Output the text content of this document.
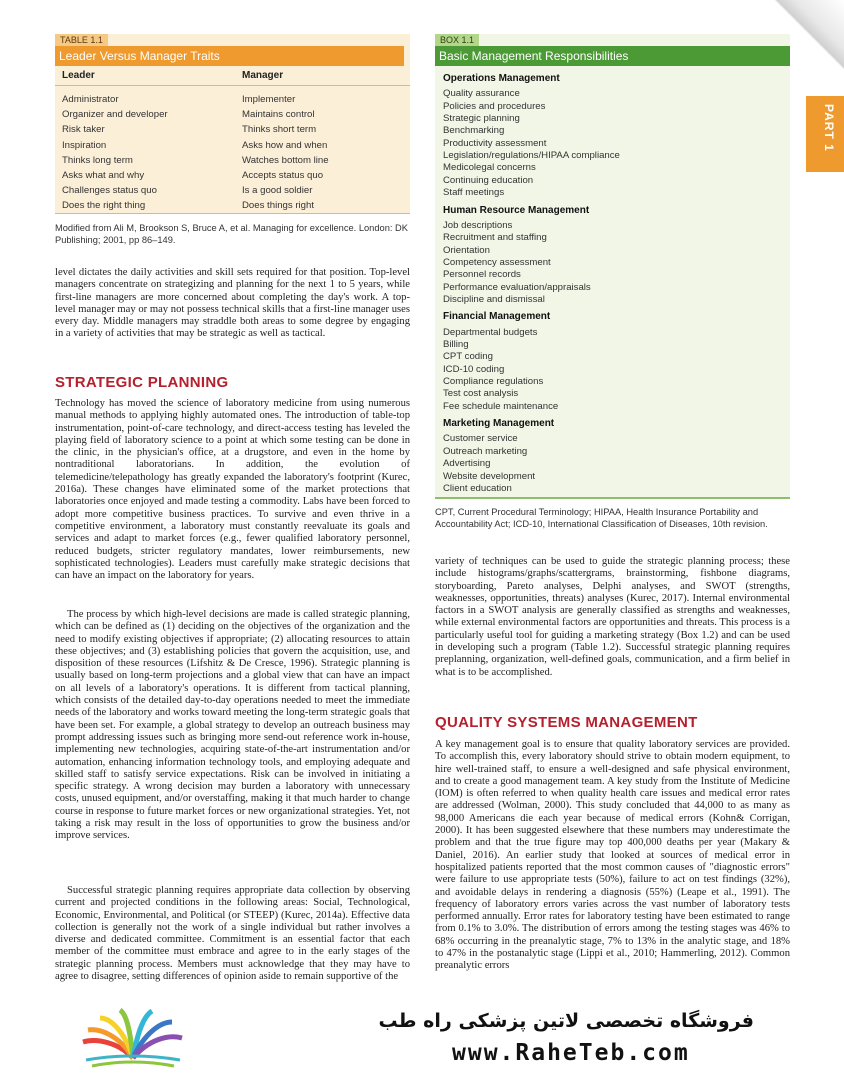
TABLE 1.1
Leader Versus Manager Traits
Leader	Manager
Administrator	Implementer
Organizer and developer	Maintains control
Risk taker	Thinks short term
Inspiration	Asks how and when
Thinks long term	Watches bottom line
Asks what and why	Accepts status quo
Challenges status quo	Is a good soldier
Does the right thing	Does things right
Modified from Ali M, Brookson S, Bruce A, et al. Managing for excellence. London: DK Publishing; 2001, pp 86–149.
BOX 1.1
Basic Management Responsibilities
Operations Management
Quality assurance
Policies and procedures
Strategic planning
Benchmarking
Productivity assessment
Legislation/regulations/HIPAA compliance
Medicolegal concerns
Continuing education
Staff meetings
Human Resource Management
Job descriptions
Recruitment and staffing
Orientation
Competency assessment
Personnel records
Performance evaluation/appraisals
Discipline and dismissal
Financial Management
Departmental budgets
Billing
CPT coding
ICD-10 coding
Compliance regulations
Test cost analysis
Fee schedule maintenance
Marketing Management
Customer service
Outreach marketing
Advertising
Website development
Client education
CPT, Current Procedural Terminology; HIPAA, Health Insurance Portability and Accountability Act; ICD-10, International Classification of Diseases, 10th revision.
PART 1
level dictates the daily activities and skill sets required for that position. Top-level managers concentrate on strategizing and planning for the next 1 to 5 years, while first-line managers are more concerned about completing the day's work. A top-level manager may or may not possess technical skills that a first-line manager uses every day. Middle managers may straddle both areas to some degree by engaging in a variety of activities that may be strategic as well as tactical.
STRATEGIC PLANNING
Technology has moved the science of laboratory medicine from using numerous manual methods to applying highly automated ones. The introduction of table-top instrumentation, point-of-care technology, and direct-access testing has leveled the playing field of laboratory science to a point at which some testing can be done in the clinic, in the physician's office, at a drugstore, and even in the home by nontraditional laboratorians. In addition, the evolution of telemedicine/telepathology has greatly expanded the laboratory's footprint (Kurec, 2016a). These changes have eliminated some of the market protections that laboratories once enjoyed and made testing a commodity. Labs have been forced to adopt more competitive business practices. To survive and even thrive in a competitive environment, a laboratory must constantly reevaluate its goals and services and adapt to market forces (e.g., fewer qualified laboratory personnel, reduced budgets, stricter regulatory mandates, lower reimbursements, new sophisticated technologies). Leaders must carefully make strategic decisions that can have an impact on the laboratory for years.
The process by which high-level decisions are made is called strategic planning, which can be defined as (1) deciding on the objectives of the organization and the need to modify existing objectives if appropriate; (2) allocating resources to attain these objectives; and (3) establishing policies that govern the acquisition, use, and disposition of these resources (Lifshitz & De Cresce, 1996). Strategic planning is usually based on long-term projections and a global view that can have an impact on all levels of a laboratory's operations. It is different from tactical planning, which consists of the detailed day-to-day operations needed to meet the immediate needs of the laboratory and works toward meeting the long-term strategic goals that have been set. For example, a global strategy to develop an outreach business may prompt addressing issues such as bringing more send-out reference work in-house, implementing new technologies, acquiring state-of-the-art instrumentation and/or automation, enhancing information technology tools, and employing adequate and skilled staff to satisfy service expectations. Risk can be involved in initiating a specific strategy. A wrong decision may burden a laboratory with unnecessary costs, unused equipment, and/or overstaffing, making it that much harder to change course in response to future market forces or new organizational strategies. Yet, not taking a risk may result in the loss of opportunities to grow the business and/or improve services.
Successful strategic planning requires appropriate data collection by observing current and projected conditions in the following areas: Social, Technological, Economic, Environmental, and Political (or STEEP) (Kurec, 2014a). Effective data collection is generally not the work of a single individual but rather involves a diverse and dedicated committee. Commitment is an essential factor that each member of the committee must embrace and agree to in the early stages of the strategic planning process. Members must acknowledge that they may have to agree to disagree, setting differences of opinion aside to remain supportive of the
variety of techniques can be used to guide the strategic planning process; these include histograms/graphs/scattergrams, brainstorming, fishbone diagrams, storyboarding, Pareto analyses, Delphi analyses, and SWOT (strengths, weaknesses, opportunities, threats) analyses (Kurec, 2017). Internal environmental factors in a SWOT analysis are generally classified as strengths and weaknesses, while external environmental factors are opportunities and threats. This process is a particularly useful tool for guiding a marketing strategy (Box 1.2) and can be used in developing such a program (Table 1.2). Successful strategic planning requires preplanning, organization, well-defined goals, communication, and a firm belief in what is to be accomplished.
QUALITY SYSTEMS MANAGEMENT
A key management goal is to ensure that quality laboratory services are provided. To accomplish this, every laboratory should strive to obtain modern equipment, to hire well-trained staff, to ensure a well-designed and safe physical environment, and to create a good management team. A key study from the Institute of Medicine (IOM) is often referred to when quality health care issues and medical error rates are addressed (Wolman, 2000). This study concluded that 44,000 to as many as 98,000 Americans die each year because of medical errors (Kohn& Corrigan, 2000). It has been suggested elsewhere that these numbers may underestimate the problem and that the true figure may top 400,000 deaths per year (Makary & Daniel, 2016). An earlier study that looked at sources of medical error in hospitalized patients reported that the most common causes of "diagnostic errors" were failure to use appropriate tests (50%), failure to act on test findings (32%), and avoidable delays in rendering a diagnosis (55%) (Leape et al., 1991). The frequency of laboratory errors varies across the vast number of laboratory tests performed annually. Error rates for laboratory testing have been estimated to range from 0.1% to 3.0%. The distribution of errors among the testing stages was 46% to 68% occurring in the preanalytic stage, 7% to 13% in the analytic stage, and 18% to 47% in the postanalytic stage (Lippi et al., 2010; Hammerling, 2012). Common preanalytic errors
فروشگاه تخصصی لاتین پزشکی راه طب
www.RaheTeb.com
